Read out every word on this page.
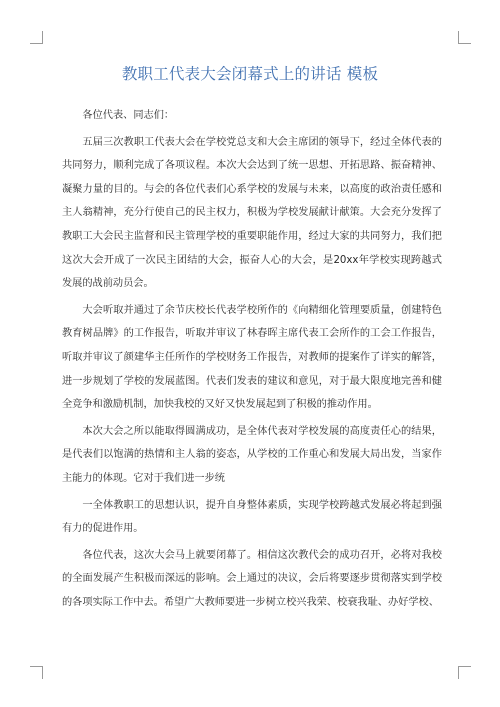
教职工代表大会闭幕式上的讲话 模板

各位代表、同志们：

五届三次教职工代表大会在学校党总支和大会主席团的领导下，经过全体代表的共同努力，顺利完成了各项议程。本次大会达到了统一思想、开拓思路、振奋精神、凝聚力量的目的。与会的各位代表们心系学校的发展与未来，以高度的政治责任感和主人翁精神，充分行使自己的民主权力，积极为学校发展献计献策。大会充分发挥了教职工大会民主监督和民主管理学校的重要职能作用，经过大家的共同努力，我们把这次大会开成了一次民主团结的大会，振奋人心的大会，是20xx年学校实现跨越式发展的战前动员会。

大会听取并通过了余节庆校长代表学校所作的《向精细化管理要质量，创建特色教育树品牌》的工作报告，听取并审议了林春晖主席代表工会所作的工会工作报告，听取并审议了颜建华主任所作的学校财务工作报告，对教师的提案作了详实的解答，进一步规划了学校的发展蓝图。代表们发表的建议和意见，对于最大限度地完善和健全竞争和激励机制，加快我校的又好又快发展起到了积极的推动作用。

本次大会之所以能取得圆满成功，是全体代表对学校发展的高度责任心的结果，是代表们以饱满的热情和主人翁的姿态，从学校的工作重心和发展大局出发，当家作主能力的体现。它对于我们进一步统

一全体教职工的思想认识，提升自身整体素质，实现学校跨越式发展必将起到强有力的促进作用。

各位代表，这次大会马上就要闭幕了。相信这次教代会的成功召开，必将对我校的全面发展产生积极而深远的影响。会上通过的决议，会后将要逐步贯彻落实到学校的各项实际工作中去。希望广大教师要进一步树立校兴我荣、校衰我耻、办好学校、
